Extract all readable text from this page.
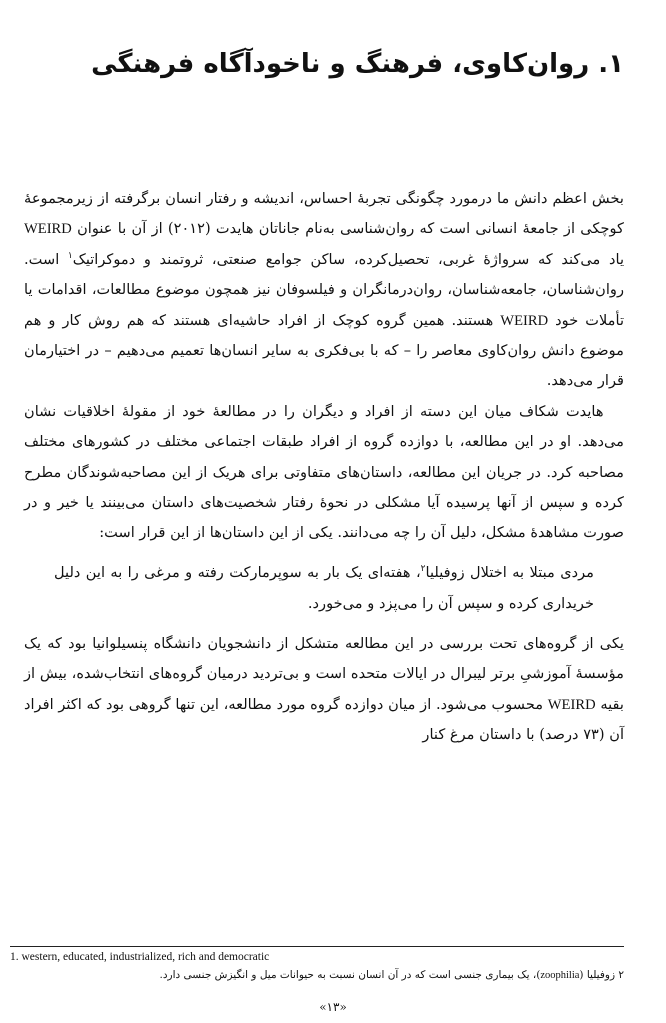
۱. روان‌کاوی، فرهنگ و ناخودآگاه فرهنگی

بخش اعظم دانش ما درمورد چگونگی تجربهٔ احساس، اندیشه و رفتار انسان برگرفته از زیرمجموعهٔ کوچکی از جامعهٔ انسانی است که روان‌شناسی به‌نام جاناتان هایدت (۲۰۱۲) از آن با عنوان WEIRD یاد می‌کند که سرواژهٔ غربی، تحصیل‌کرده، ساکن جوامع صنعتی، ثروتمند و دموکراتیک$^۱$ است. روان‌شناسان، جامعه‌شناسان، روان‌درمانگران و فیلسوفان نیز همچون موضوع مطالعات، اقدامات یا تأملات خود WEIRD هستند. همین گروه کوچک از افراد حاشیه‌ای هستند که هم روش کار و هم موضوع دانش روان‌کاوی معاصر را – که با بی‌فکری به سایر انسان‌ها تعمیم می‌دهیم – در اختیارمان قرار می‌دهد.

هایدت شکاف میان این دسته از افراد و دیگران را در مطالعهٔ خود از مقولهٔ اخلاقیات نشان می‌دهد. او در این مطالعه، با دوازده گروه از افراد طبقات اجتماعی مختلف در کشورهای مختلف مصاحبه کرد. در جریان این مطالعه، داستان‌های متفاوتی برای هریک از این مصاحبه‌شوندگان مطرح کرده و سپس از آنها پرسیده آیا مشکلی در نحوهٔ رفتار شخصیت‌های داستان می‌بینند یا خیر و در صورت مشاهدهٔ مشکل، دلیل آن را چه می‌دانند. یکی از این داستان‌ها از این قرار است:

مردی مبتلا به اختلال زوفیلیا$^۲$، هفته‌ای یک بار به سوپرمارکت رفته و مرغی را به این دلیل خریداری کرده و سپس آن را می‌پزد و می‌خورد.

یکی از گروه‌های تحت بررسی در این مطالعه متشکل از دانشجویان دانشگاه پنسیلوانیا بود که یک مؤسسهٔ آموزشیِ برتر لیبرال در ایالات متحده است و بی‌تردید درمیان گروه‌های انتخاب‌شده، بیش از بقیه WEIRD محسوب می‌شود. از میان دوازده گروه مورد مطالعه، این تنها گروهی بود که اکثر افراد آن (۷۳ درصد) با داستان مرغ کنار

1. western, educated, industrialized, rich and democratic

۲ زوفیلیا (zoophilia)، یک بیماری جنسی است که در آن انسان نسبت به حیوانات میل و انگیزش جنسی دارد.

«۱۳»
